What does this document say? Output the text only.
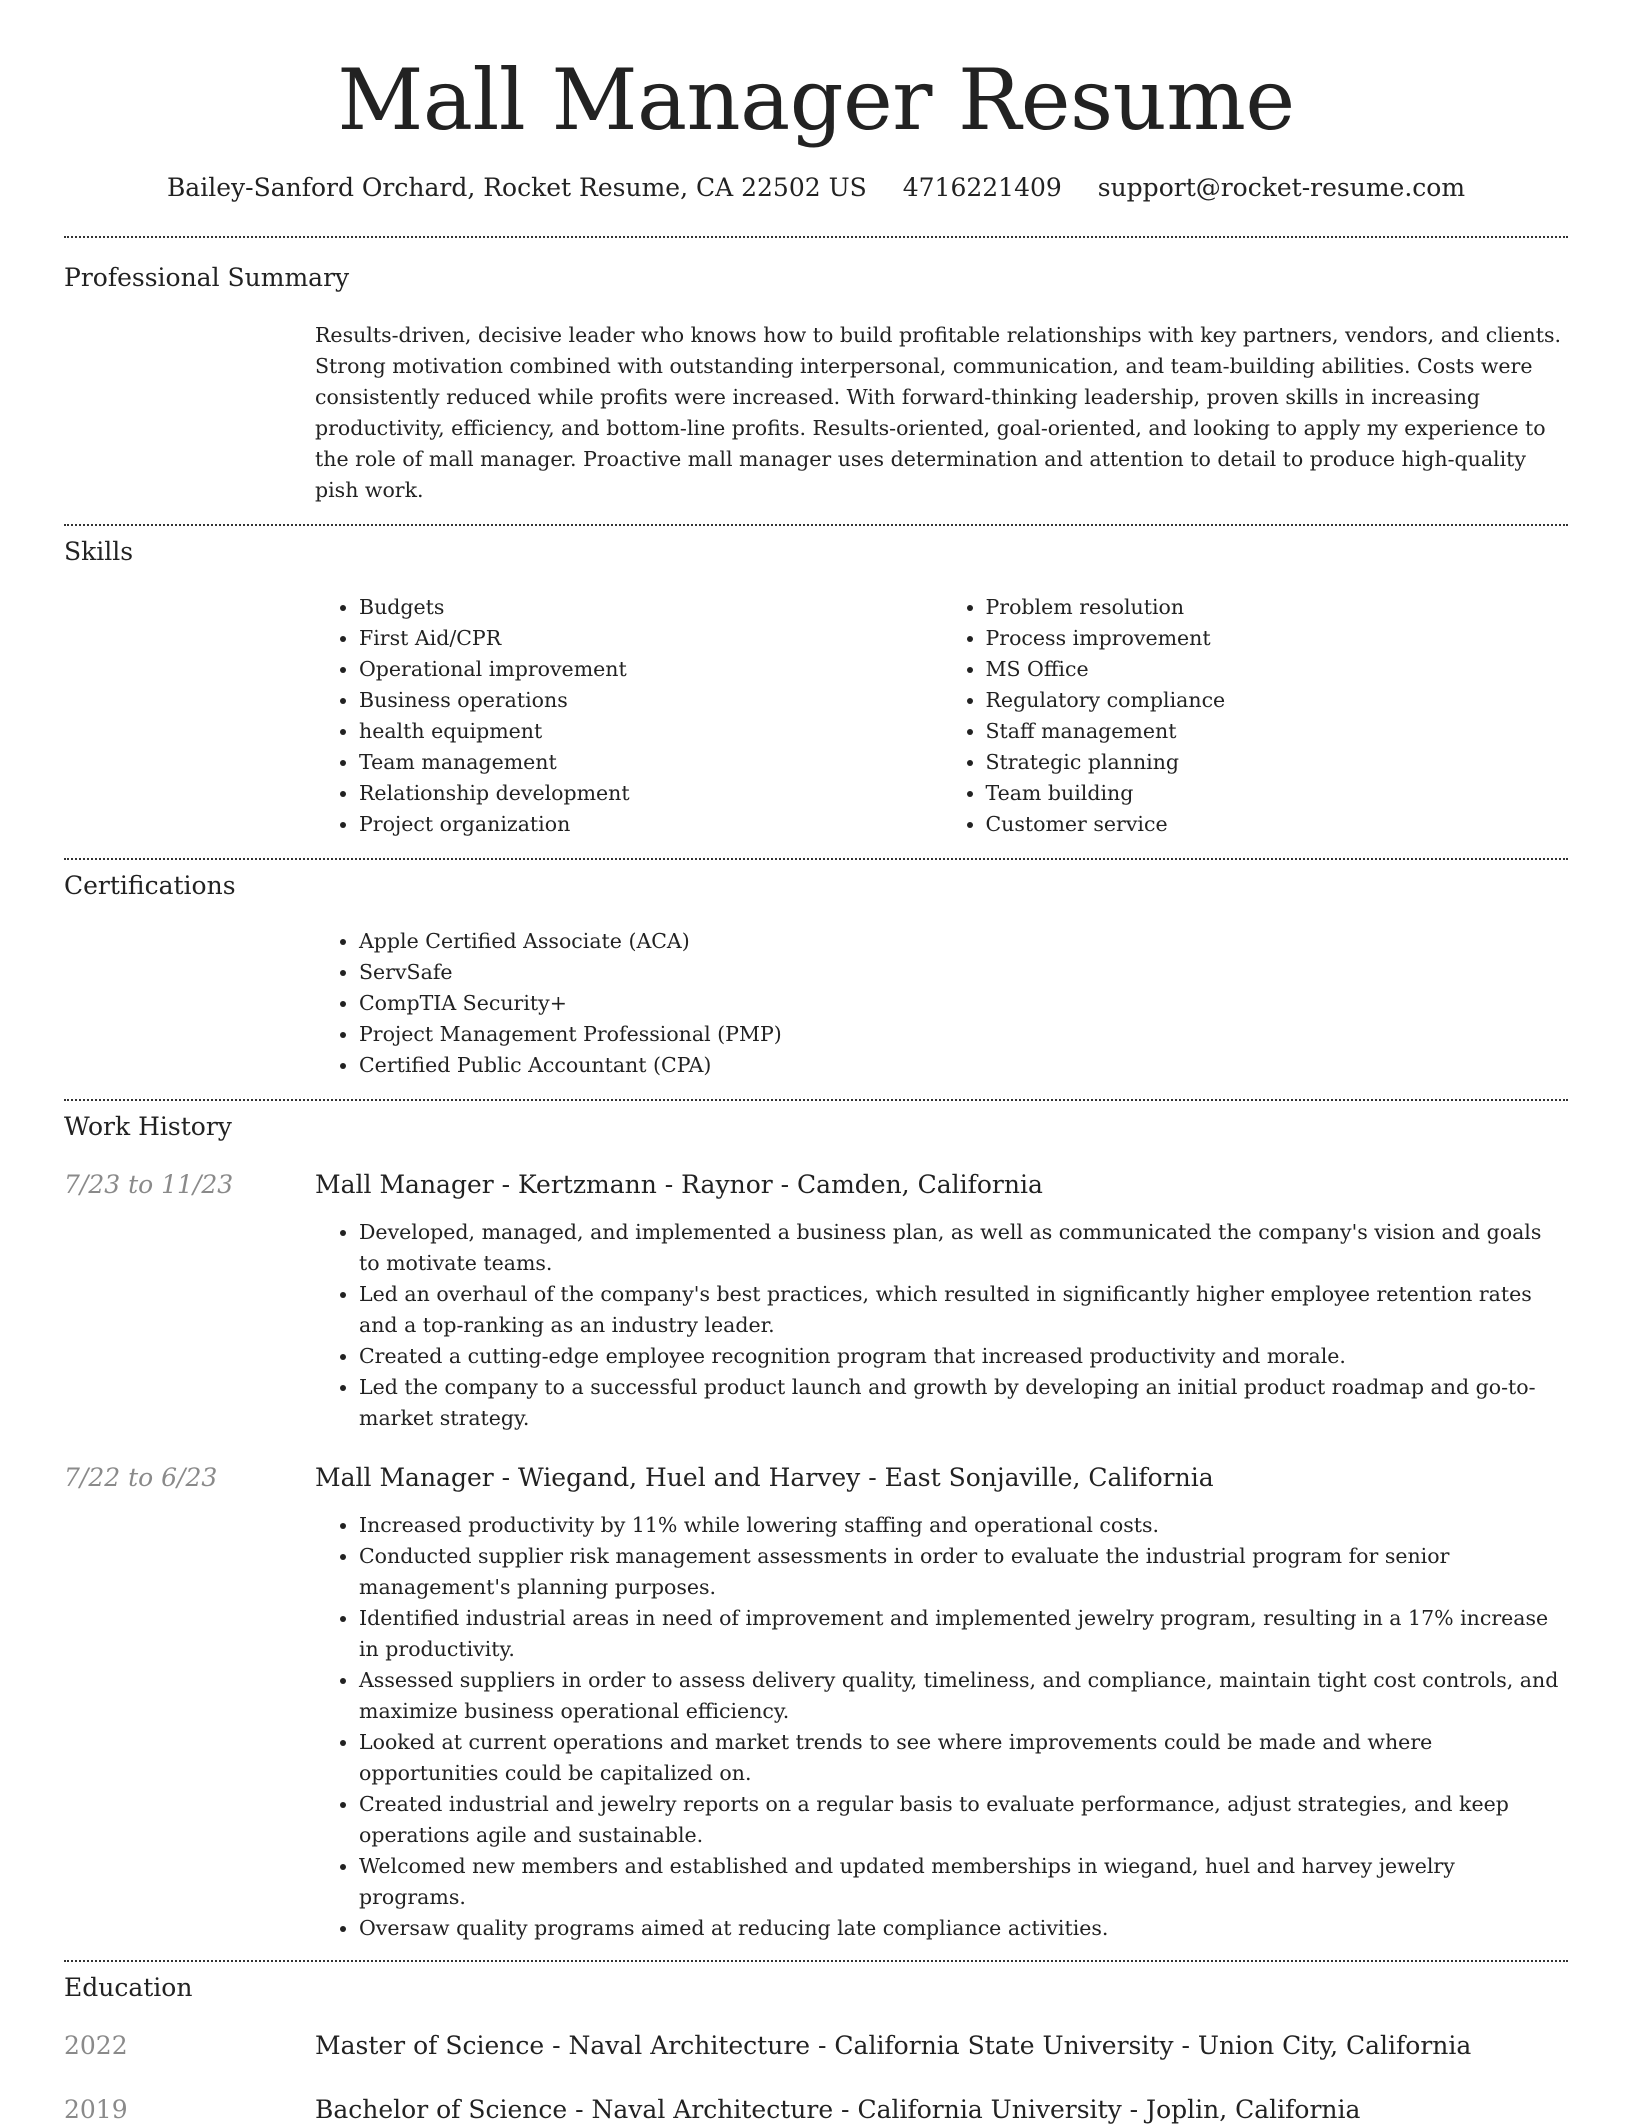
Mall Manager Resume
Bailey-Sanford Orchard, Rocket Resume, CA 22502 US 4716221409 support@rocket-resume.com
Professional Summary

Results-driven, decisive leader who knows how to build profitable relationships with key partners, vendors, and clients. Strong motivation combined with outstanding interpersonal, communication, and team-building abilities. Costs were consistently reduced while profits were increased. With forward-thinking leadership, proven skills in increasing productivity, efficiency, and bottom-line profits. Results-oriented, goal-oriented, and looking to apply my experience to the role of mall manager. Proactive mall manager uses determination and attention to detail to produce high-quality pish work.

Skills
• Budgets
• First Aid/CPR
• Operational improvement
• Business operations
• health equipment
• Team management
• Relationship development
• Project organization
• Problem resolution
• Process improvement
• MS Office
• Regulatory compliance
• Staff management
• Strategic planning
• Team building
• Customer service
Certifications
• Apple Certified Associate (ACA)
• ServSafe
• CompTIA Security+
• Project Management Professional (PMP)
• Certified Public Accountant (CPA)
Work History
7/23 to 11/23	Mall Manager - Kertzmann - Raynor - Camden, California
• Developed, managed, and implemented a business plan, as well as communicated the company's vision and goals to motivate teams.
• Led an overhaul of the company's best practices, which resulted in significantly higher employee retention rates and a top-ranking as an industry leader.
• Created a cutting-edge employee recognition program that increased productivity and morale.
• Led the company to a successful product launch and growth by developing an initial product roadmap and go-to-market strategy.
7/22 to 6/23	Mall Manager - Wiegand, Huel and Harvey - East Sonjaville, California
• Increased productivity by 11% while lowering staffing and operational costs.
• Conducted supplier risk management assessments in order to evaluate the industrial program for senior management's planning purposes.
• Identified industrial areas in need of improvement and implemented jewelry program, resulting in a 17% increase in productivity.
• Assessed suppliers in order to assess delivery quality, timeliness, and compliance, maintain tight cost controls, and maximize business operational efficiency.
• Looked at current operations and market trends to see where improvements could be made and where opportunities could be capitalized on.
• Created industrial and jewelry reports on a regular basis to evaluate performance, adjust strategies, and keep operations agile and sustainable.
• Welcomed new members and established and updated memberships in wiegand, huel and harvey jewelry programs.
• Oversaw quality programs aimed at reducing late compliance activities.
Education
2022	Master of Science - Naval Architecture - California State University - Union City, California
2019	Bachelor of Science - Naval Architecture - California University - Joplin, California
